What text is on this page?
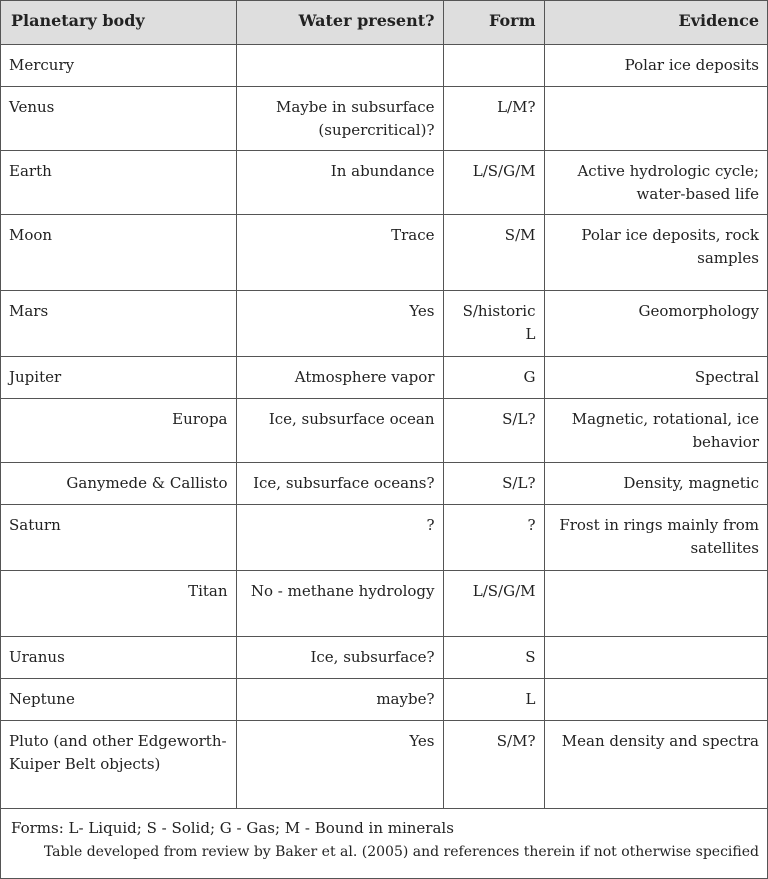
Planetary body	Water present?	Form	Evidence
Mercury			Polar ice deposits
Venus	Maybe in subsurface (supercritical)?	L/M?	
Earth	In abundance	L/S/G/M	Active hydrologic cycle; water-based life
Moon	Trace	S/M	Polar ice deposits, rock samples
Mars	Yes	S/historic L	Geomorphology
Jupiter	Atmosphere vapor	G	Spectral
Europa	Ice, subsurface ocean	S/L?	Magnetic, rotational, ice behavior
Ganymede & Callisto	Ice, subsurface oceans?	S/L?	Density, magnetic
Saturn	?	?	Frost in rings mainly from satellites
Titan	No - methane hydrology	L/S/G/M	
Uranus	Ice, subsurface?	S	
Neptune	maybe?	L	
Pluto (and other Edgeworth-Kuiper Belt objects)	Yes	S/M?	Mean density and spectra
Forms: L- Liquid; S - Solid; G - Gas; M - Bound in minerals
Table developed from review by Baker et al. (2005) and references therein if not otherwise specified
